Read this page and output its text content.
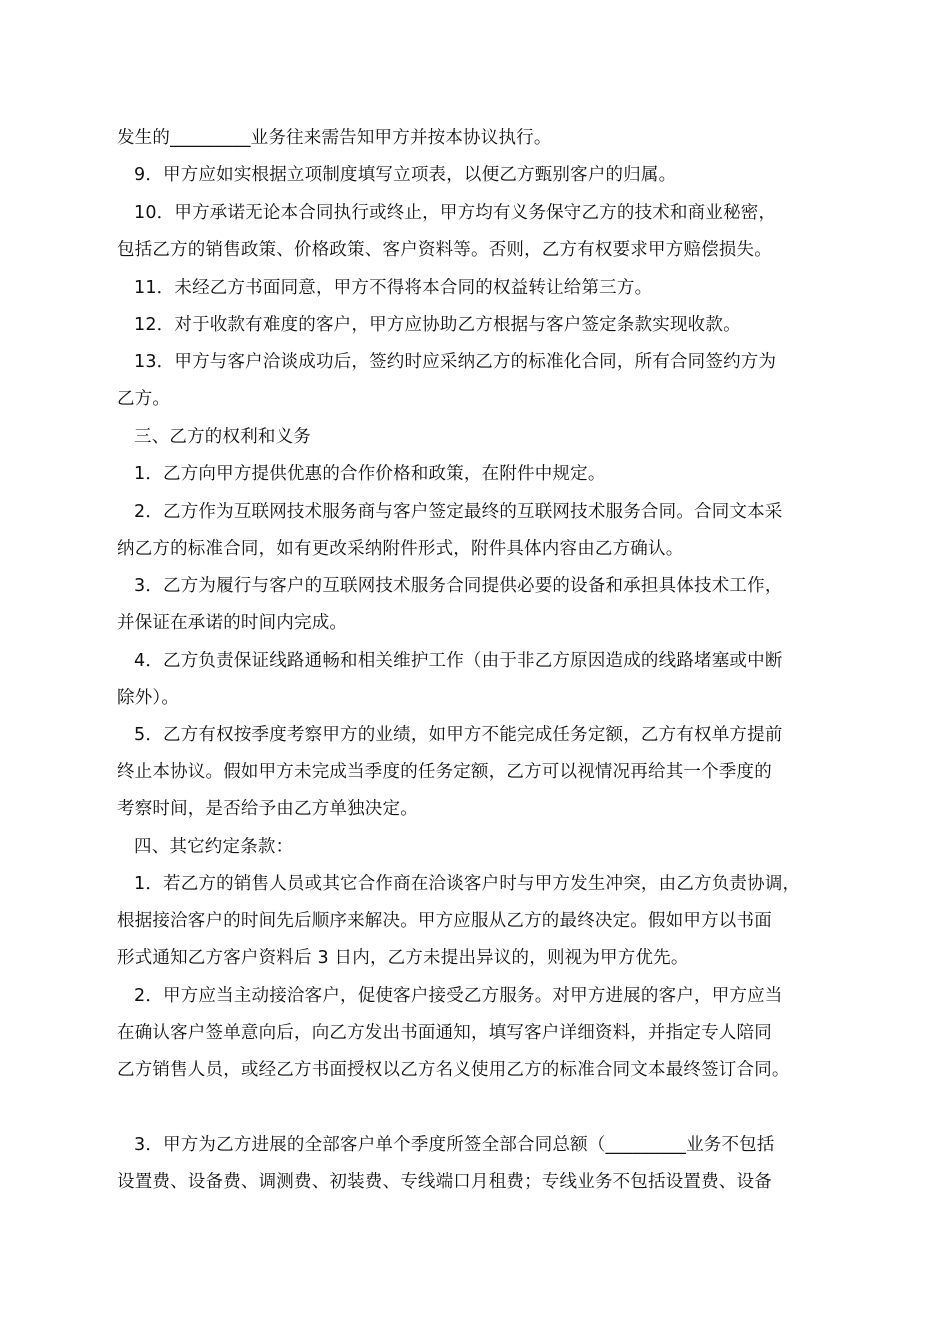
发生的_________业务往来需告知甲方并按本协议执行。
9．甲方应如实根据立项制度填写立项表，以便乙方甄别客户的归属。
10．甲方承诺无论本合同执行或终止，甲方均有义务保守乙方的技术和商业秘密，
包括乙方的销售政策、价格政策、客户资料等。否则，乙方有权要求甲方赔偿损失。
11．未经乙方书面同意，甲方不得将本合同的权益转让给第三方。
12．对于收款有难度的客户，甲方应协助乙方根据与客户签定条款实现收款。
13．甲方与客户洽谈成功后，签约时应采纳乙方的标准化合同，所有合同签约方为
乙方。
三、乙方的权利和义务
1．乙方向甲方提供优惠的合作价格和政策，在附件中规定。
2．乙方作为互联网技术服务商与客户签定最终的互联网技术服务合同。合同文本采
纳乙方的标准合同，如有更改采纳附件形式，附件具体内容由乙方确认。
3．乙方为履行与客户的互联网技术服务合同提供必要的设备和承担具体技术工作，
并保证在承诺的时间内完成。
4．乙方负责保证线路通畅和相关维护工作（由于非乙方原因造成的线路堵塞或中断
除外）。
5．乙方有权按季度考察甲方的业绩，如甲方不能完成任务定额，乙方有权单方提前
终止本协议。假如甲方未完成当季度的任务定额，乙方可以视情况再给其一个季度的
考察时间，是否给予由乙方单独决定。
四、其它约定条款：
1．若乙方的销售人员或其它合作商在洽谈客户时与甲方发生冲突，由乙方负责协调，
根据接洽客户的时间先后顺序来解决。甲方应服从乙方的最终决定。假如甲方以书面
形式通知乙方客户资料后 3 日内，乙方未提出异议的，则视为甲方优先。
2．甲方应当主动接洽客户，促使客户接受乙方服务。对甲方进展的客户，甲方应当
在确认客户签单意向后，向乙方发出书面通知，填写客户详细资料，并指定专人陪同
乙方销售人员，或经乙方书面授权以乙方名义使用乙方的标准合同文本最终签订合同。
3．甲方为乙方进展的全部客户单个季度所签全部合同总额（_________业务不包括
设置费、设备费、调测费、初装费、专线端口月租费；专线业务不包括设置费、设备
